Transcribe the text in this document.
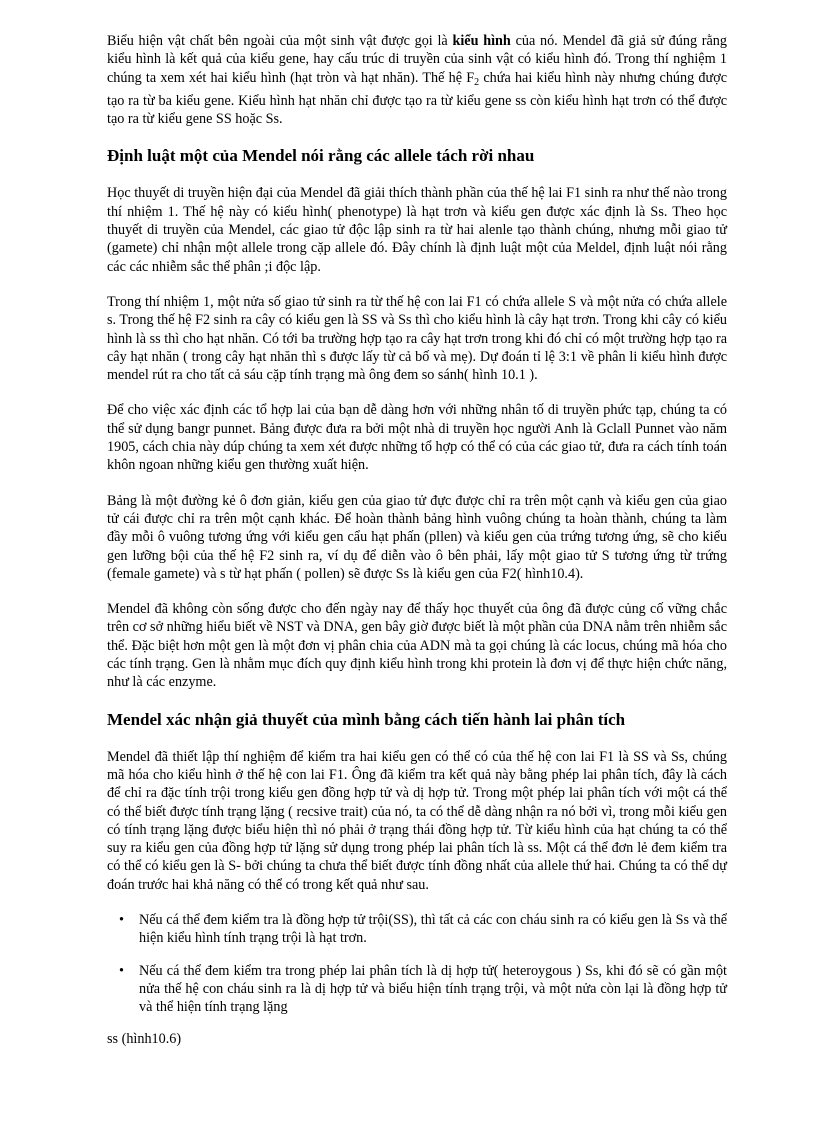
Biểu hiện vật chất bên ngoài của một sinh vật được gọi là kiểu hình của nó. Mendel đã giả sử đúng rằng kiểu hình là kết quả của kiểu gene, hay cấu trúc di truyền của sinh vật có kiểu hình đó. Trong thí nghiệm 1 chúng ta xem xét hai kiểu hình (hạt tròn và hạt nhăn). Thế hệ $F_2$ chứa hai kiểu hình này nhưng chúng được tạo ra từ ba kiểu gene. Kiểu hình hạt nhăn chỉ được tạo ra từ kiểu gene ss còn kiểu hình hạt trơn có thể được tạo ra từ kiểu gene SS hoặc Ss.

Định luật một của Mendel nói rằng các allele tách rời nhau

Học thuyết di truyền hiện đại của Mendel đã giải thích thành phần của thế hệ lai F1 sinh ra như thế nào trong thí nhiệm 1. Thế hệ này có kiểu hình( phenotype) là hạt trơn và kiểu gen được xác định là Ss. Theo học thuyết di truyền của Mendel, các giao tử độc lập sinh ra từ hai alenle tạo thành chúng, nhưng mỗi giao tử (gamete) chỉ nhận một allele trong cặp allele đó. Đây chính là định luật một của Meldel, định luật nói rằng các các nhiễm sắc thể phân ;i độc lập.

Trong thí nhiệm 1, một nửa số giao tử sinh ra từ thế hệ con lai F1 có chứa allele S và một nửa có chứa allele s. Trong thế hệ F2 sinh ra cây có kiểu gen là SS và Ss thì cho kiểu hình là cây hạt trơn. Trong khi cây có kiểu hình là ss thì cho hạt nhăn. Có tới ba trường hợp tạo ra cây hạt trơn trong khi đó chỉ có một trường hợp tạo ra cây hạt nhăn ( trong cây hạt nhăn thì s được lấy từ cả bố và mẹ). Dự đoán tỉ lệ 3:1 về phân li kiểu hình được mendel rút ra cho tất cả sáu cặp tính trạng mà ông đem so sánh( hình 10.1 ).

Để cho việc xác định các tổ hợp lai của bạn dễ dàng hơn với những nhân tố di truyền phức tạp, chúng ta có thể sử dụng bangr punnet. Bảng được đưa ra bởi một nhà di truyền học người Anh là Gclall Punnet vào năm 1905, cách chia này dúp chúng ta xem xét được những tổ hợp có thể có của các giao tử, đưa ra cách tính toán khôn ngoan những kiểu gen thường xuất hiện.

Bảng là một đường kẻ ô đơn giản, kiểu gen của giao tử đực được chỉ ra trên một cạnh và kiểu gen của giao tử cái được chỉ ra trên một cạnh khác. Để hoàn thành bảng hình vuông chúng ta hoàn thành, chúng ta làm đầy mỗi ô vuông tương ứng với kiểu gen cẩu hạt phấn (pllen) và kiểu gen của trứng tương ứng, sẽ cho kiểu gen lưỡng bội của thế hệ F2 sinh ra, ví dụ để diễn vào ô bên phải, lấy một giao tử S tương ứng từ trứng (female gamete) và s từ hạt phấn ( pollen) sẽ được Ss là kiểu gen của F2( hình10.4).

Mendel đã không còn sống được cho đến ngày nay để thấy học thuyết của ông đã được củng cố vững chắc trên cơ sở những hiểu biết về NST và DNA, gen bây giờ được biết là một phần của DNA nằm trên nhiễm sắc thể. Đặc biệt hơn một gen là một đơn vị phân chia của ADN mà ta gọi chúng là các locus, chúng mã hóa cho các tính trạng. Gen là nhằm mục đích quy định kiểu hình trong khi protein là đơn vị để thực hiện chức năng, như là các enzyme.

Mendel xác nhận giả thuyết của mình bằng cách tiến hành lai phân tích

Mendel đã thiết lập thí nghiệm để kiểm tra hai kiểu gen có thể có của thế hệ con lai F1 là SS và Ss, chúng mã hóa cho kiểu hình ở thế hệ con lai F1. Ông đã kiểm tra kết quả này bằng phép lai phân tích, đây là cách để chỉ ra đặc tính trội trong kiểu gen đồng hợp tử và dị hợp tử. Trong một phép lai phân tích với một cá thể có thể biết được tính trạng lặng ( recsive trait) của nó, ta có thể dễ dàng nhận ra nó bởi vì, trong mỗi kiểu gen có tính trạng lặng được biểu hiện thì nó phải ở trạng thái đồng hợp tử. Từ kiểu hình của hạt chúng ta có thể suy ra kiểu gen của đồng hợp tử lặng sử dụng trong phép lai phân tích là ss. Một cá thể đơn lẻ đem kiểm tra có thể có kiểu gen là S- bởi chúng ta chưa thể biết được tính đồng nhất của allele thứ hai. Chúng ta có thể dự đoán trước hai khả năng có thể có trong kết quả như sau.

• Nếu cá thể đem kiểm tra là đồng hợp tử trội(SS), thì tất cả các con cháu sinh ra có kiểu gen là Ss và thể hiện kiểu hình tính trạng trội là hạt trơn.
• Nếu cá thể đem kiểm tra trong phép lai phân tích là dị hợp tử( heteroygous ) Ss, khi đó sẽ có gần một nửa thế hệ con cháu sinh ra là dị hợp tử và biểu hiện tính trạng trội, và một nửa còn lại là đồng hợp tử và thể hiện tính trạng lặng
ss (hình10.6)
